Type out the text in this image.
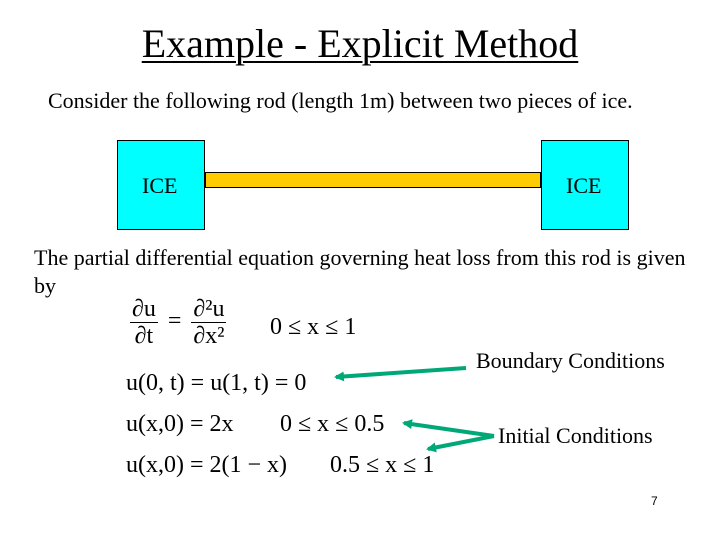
Example - Explicit Method
Consider the following rod (length 1m) between two pieces of ice.
ICE	ICE
The partial differential equation governing heat loss from this rod is given by
$\frac{\partial u}{\partial t} = \frac{\text{∂²u}}{\text{∂x²}} 0 \le x \le 1$
u(0, t) = u(1, t) = 0
u(x,0) = 2x 0 ≤ x ≤ 0.5
u(x,0) = 2(1 − x) 0.5 ≤ x ≤ 1
Boundary Conditions
Initial Conditions
7
